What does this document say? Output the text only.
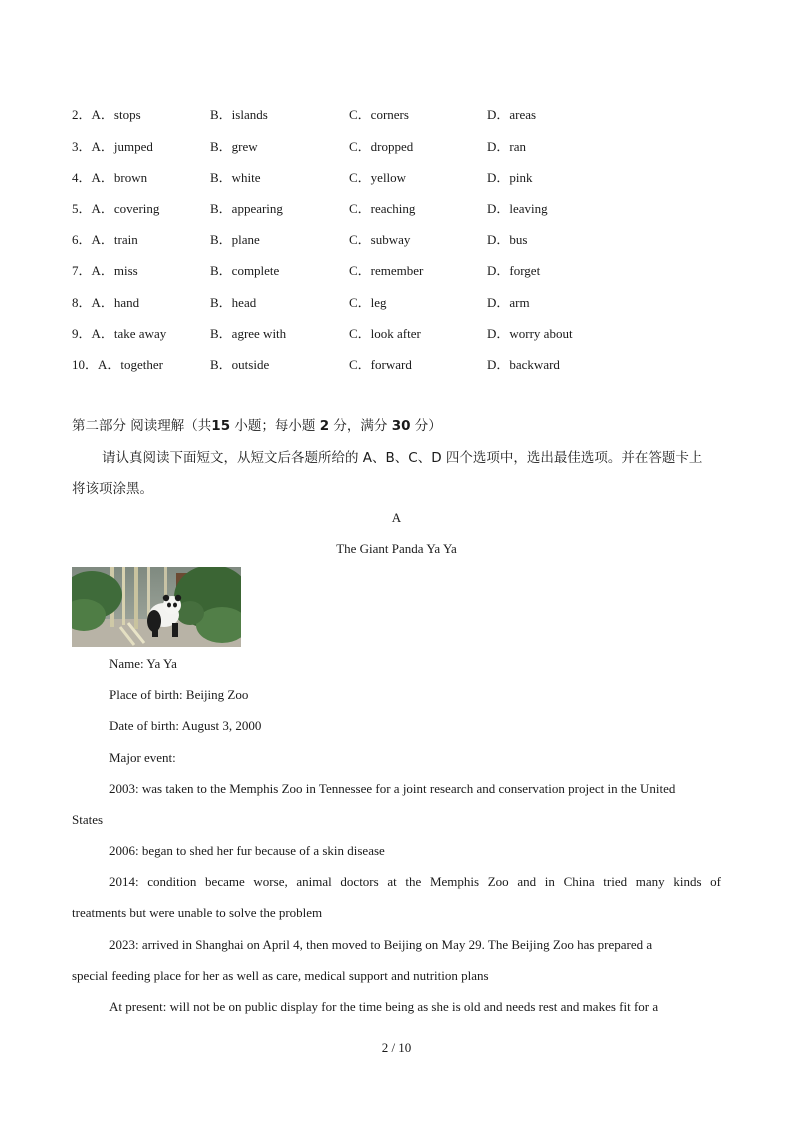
2．A．stops	B．islands	C．corners	D．areas
3．A．jumped	B．grew	C．dropped	D．ran
4．A．brown	B．white	C．yellow	D．pink
5．A．covering	B．appearing	C．reaching	D．leaving
6．A．train	B．plane	C．subway	D．bus
7．A．miss	B．complete	C．remember	D．forget
8．A．hand	B．head	C．leg	D．arm
9．A．take away	B．agree with	C．look after	D．worry about
10．A．together	B．outside	C．forward	D．backward
第二部分 阅读理解（共15 小题；每小题 2 分，满分 30 分）
请认真阅读下面短文，从短文后各题所给的 A、B、C、D 四个选项中，选出最佳选项。并在答题卡上
将该项涂黑。
A
The Giant Panda Ya Ya
Name: Ya Ya
Place of birth: Beijing Zoo
Date of birth: August 3, 2000
Major event:
2003: was taken to the Memphis Zoo in Tennessee for a joint research and conservation project in the United
States
2006: began to shed her fur because of a skin disease
2014: condition became worse, animal doctors at the Memphis Zoo and in China tried many kinds of
treatments but were unable to solve the problem
2023: arrived in Shanghai on April 4, then moved to Beijing on May 29. The Beijing Zoo has prepared a
special feeding place for her as well as care, medical support and nutrition plans
At present: will not be on public display for the time being as she is old and needs rest and makes fit for a
2 / 10
